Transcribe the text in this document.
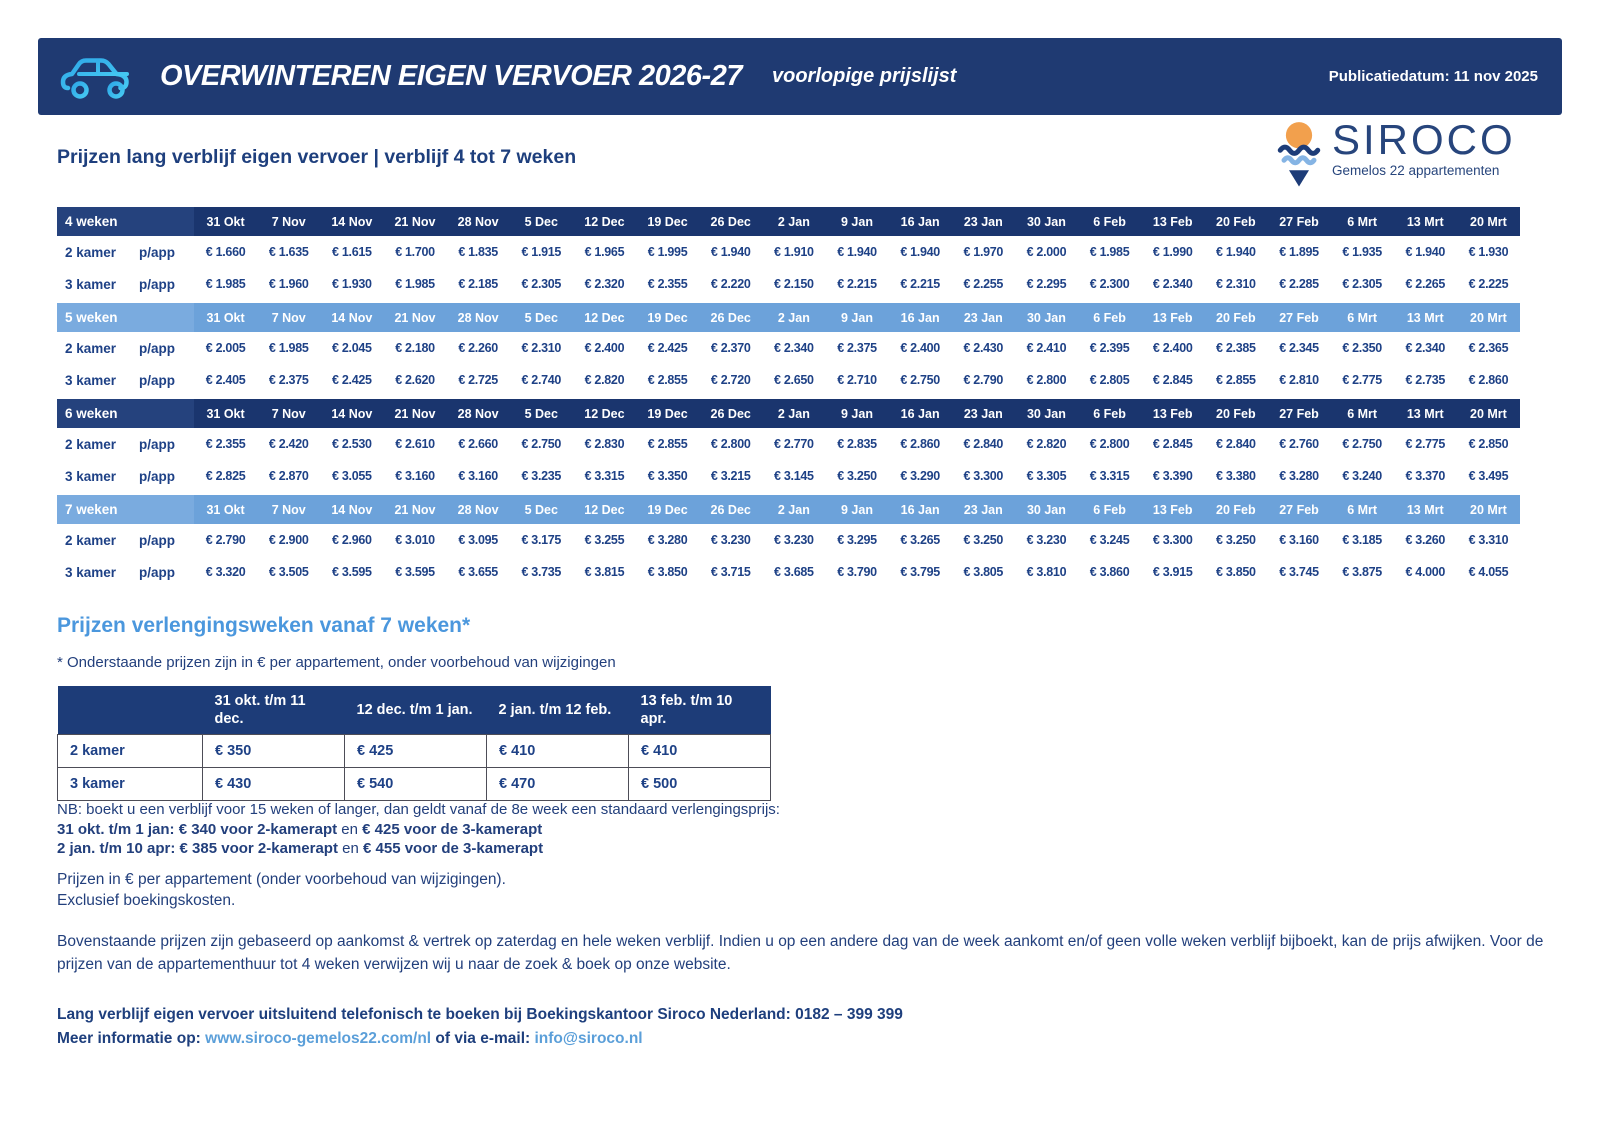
OVERWINTEREN EIGEN VERVOER 2026-27 voorlopige prijslijst	Publicatiedatum: 11 nov 2025
Prijzen lang verblijf eigen vervoer | verblijf 4 tot 7 weken	SIROCO
Gemelos 22 appartementen
4 weken	31 Okt	7 Nov	14 Nov	21 Nov	28 Nov	5 Dec	12 Dec	19 Dec	26 Dec	2 Jan	9 Jan	16 Jan	23 Jan	30 Jan	6 Feb	13 Feb	20 Feb	27 Feb	6 Mrt	13 Mrt	20 Mrt
2 kamer	p/app	€ 1.660	€ 1.635	€ 1.615	€ 1.700	€ 1.835	€ 1.915	€ 1.965	€ 1.995	€ 1.940	€ 1.910	€ 1.940	€ 1.940	€ 1.970	€ 2.000	€ 1.985	€ 1.990	€ 1.940	€ 1.895	€ 1.935	€ 1.940	€ 1.930
3 kamer	p/app	€ 1.985	€ 1.960	€ 1.930	€ 1.985	€ 2.185	€ 2.305	€ 2.320	€ 2.355	€ 2.220	€ 2.150	€ 2.215	€ 2.215	€ 2.255	€ 2.295	€ 2.300	€ 2.340	€ 2.310	€ 2.285	€ 2.305	€ 2.265	€ 2.225
5 weken	31 Okt	7 Nov	14 Nov	21 Nov	28 Nov	5 Dec	12 Dec	19 Dec	26 Dec	2 Jan	9 Jan	16 Jan	23 Jan	30 Jan	6 Feb	13 Feb	20 Feb	27 Feb	6 Mrt	13 Mrt	20 Mrt
2 kamer	p/app	€ 2.005	€ 1.985	€ 2.045	€ 2.180	€ 2.260	€ 2.310	€ 2.400	€ 2.425	€ 2.370	€ 2.340	€ 2.375	€ 2.400	€ 2.430	€ 2.410	€ 2.395	€ 2.400	€ 2.385	€ 2.345	€ 2.350	€ 2.340	€ 2.365
3 kamer	p/app	€ 2.405	€ 2.375	€ 2.425	€ 2.620	€ 2.725	€ 2.740	€ 2.820	€ 2.855	€ 2.720	€ 2.650	€ 2.710	€ 2.750	€ 2.790	€ 2.800	€ 2.805	€ 2.845	€ 2.855	€ 2.810	€ 2.775	€ 2.735	€ 2.860
6 weken	31 Okt	7 Nov	14 Nov	21 Nov	28 Nov	5 Dec	12 Dec	19 Dec	26 Dec	2 Jan	9 Jan	16 Jan	23 Jan	30 Jan	6 Feb	13 Feb	20 Feb	27 Feb	6 Mrt	13 Mrt	20 Mrt
2 kamer	p/app	€ 2.355	€ 2.420	€ 2.530	€ 2.610	€ 2.660	€ 2.750	€ 2.830	€ 2.855	€ 2.800	€ 2.770	€ 2.835	€ 2.860	€ 2.840	€ 2.820	€ 2.800	€ 2.845	€ 2.840	€ 2.760	€ 2.750	€ 2.775	€ 2.850
3 kamer	p/app	€ 2.825	€ 2.870	€ 3.055	€ 3.160	€ 3.160	€ 3.235	€ 3.315	€ 3.350	€ 3.215	€ 3.145	€ 3.250	€ 3.290	€ 3.300	€ 3.305	€ 3.315	€ 3.390	€ 3.380	€ 3.280	€ 3.240	€ 3.370	€ 3.495
7 weken	31 Okt	7 Nov	14 Nov	21 Nov	28 Nov	5 Dec	12 Dec	19 Dec	26 Dec	2 Jan	9 Jan	16 Jan	23 Jan	30 Jan	6 Feb	13 Feb	20 Feb	27 Feb	6 Mrt	13 Mrt	20 Mrt
2 kamer	p/app	€ 2.790	€ 2.900	€ 2.960	€ 3.010	€ 3.095	€ 3.175	€ 3.255	€ 3.280	€ 3.230	€ 3.230	€ 3.295	€ 3.265	€ 3.250	€ 3.230	€ 3.245	€ 3.300	€ 3.250	€ 3.160	€ 3.185	€ 3.260	€ 3.310
3 kamer	p/app	€ 3.320	€ 3.505	€ 3.595	€ 3.595	€ 3.655	€ 3.735	€ 3.815	€ 3.850	€ 3.715	€ 3.685	€ 3.790	€ 3.795	€ 3.805	€ 3.810	€ 3.860	€ 3.915	€ 3.850	€ 3.745	€ 3.875	€ 4.000	€ 4.055
Prijzen verlengingsweken vanaf 7 weken*
* Onderstaande prijzen zijn in € per appartement, onder voorbehoud van wijzigingen
	31 okt. t/m 11 dec.	12 dec. t/m 1 jan.	2 jan. t/m 12 feb.	13 feb. t/m 10 apr.
2 kamer	€ 350	€ 425	€ 410	€ 410
3 kamer	€ 430	€ 540	€ 470	€ 500
NB: boekt u een verblijf voor 15 weken of langer, dan geldt vanaf de 8e week een standaard verlengingsprijs:
31 okt. t/m 1 jan: € 340 voor 2-kamerapt en € 425 voor de 3-kamerapt
2 jan. t/m 10 apr: € 385 voor 2-kamerapt en € 455 voor de 3-kamerapt
Prijzen in € per appartement (onder voorbehoud van wijzigingen).
Exclusief boekingskosten.
Bovenstaande prijzen zijn gebaseerd op aankomst & vertrek op zaterdag en hele weken verblijf. Indien u op een andere dag van de week aankomt en/of geen volle weken verblijf bijboekt, kan de prijs afwijken. Voor de prijzen van de appartementhuur tot 4 weken verwijzen wij u naar de zoek & boek op onze website.
Lang verblijf eigen vervoer uitsluitend telefonisch te boeken bij Boekingskantoor Siroco Nederland: 0182 – 399 399
Meer informatie op: www.siroco-gemelos22.com/nl of via e-mail: info@siroco.nl
